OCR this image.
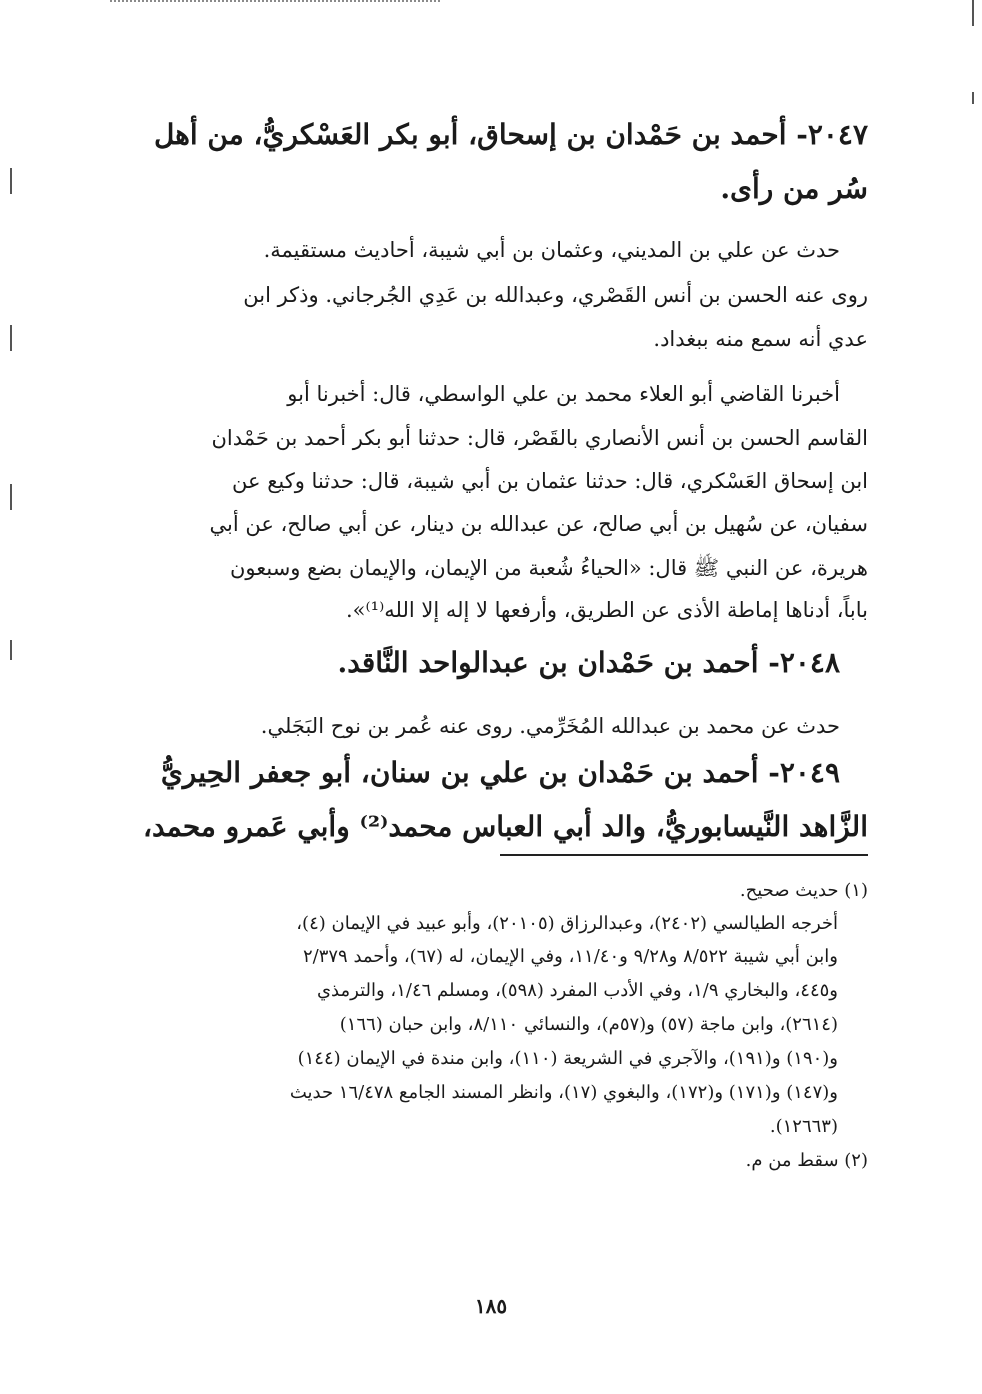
٢٠٤٧- أحمد بن حَمْدان بن إسحاق، أبو بكر العَسْكريُّ، من أهل
سُر من رأى.
حدث عن علي بن المديني، وعثمان بن أبي شيبة، أحاديث مستقيمة.
روى عنه الحسن بن أنس القَصْري، وعبدالله بن عَدِي الجُرجاني. وذكر ابن
عدي أنه سمع منه ببغداد.
أخبرنا القاضي أبو العلاء محمد بن علي الواسطي، قال: أخبرنا أبو
القاسم الحسن بن أنس الأنصاري بالقَصْر، قال: حدثنا أبو بكر أحمد بن حَمْدان
ابن إسحاق العَسْكري، قال: حدثنا عثمان بن أبي شيبة، قال: حدثنا وكيع عن
سفيان، عن سُهيل بن أبي صالح، عن عبدالله بن دينار، عن أبي صالح، عن أبي
هريرة، عن النبي ﷺ قال: «الحياءُ شُعبة من الإيمان، والإيمان بضع وسبعون
باباً، أدناها إماطة الأذى عن الطريق، وأرفعها لا إله إلا الله⁽¹⁾».
٢٠٤٨- أحمد بن حَمْدان بن عبدالواحد النَّاقد.
حدث عن محمد بن عبدالله المُخَرِّمي. روى عنه عُمر بن نوح البَجَلي.
٢٠٤٩- أحمد بن حَمْدان بن علي بن سنان، أبو جعفر الحِيريُّ
الزَّاهد النَّيسابوريُّ، والد أبي العباس محمد⁽²⁾ وأبي عَمرو محمد،
(١) حديث صحيح.
أخرجه الطيالسي (٢٤٠٢)، وعبدالرزاق (٢٠١٠٥)، وأبو عبيد في الإيمان (٤)،
وابن أبي شيبة ٨/٥٢٢ و٩/٢٨ و١١/٤٠، وفي الإيمان، له (٦٧)، وأحمد ٢/٣٧٩
و٤٤٥، والبخاري ١/٩، وفي الأدب المفرد (٥٩٨)، ومسلم ١/٤٦، والترمذي
(٢٦١٤)، وابن ماجة (٥٧) و(٥٧م)، والنسائي ٨/١١٠، وابن حبان (١٦٦)
و(١٩٠) و(١٩١)، والآجري في الشريعة (١١٠)، وابن مندة في الإيمان (١٤٤)
و(١٤٧) و(١٧١) و(١٧٢)، والبغوي (١٧)، وانظر المسند الجامع ١٦/٤٧٨ حديث
(١٢٦٦٣).
(٢) سقط من م.
١٨٥
